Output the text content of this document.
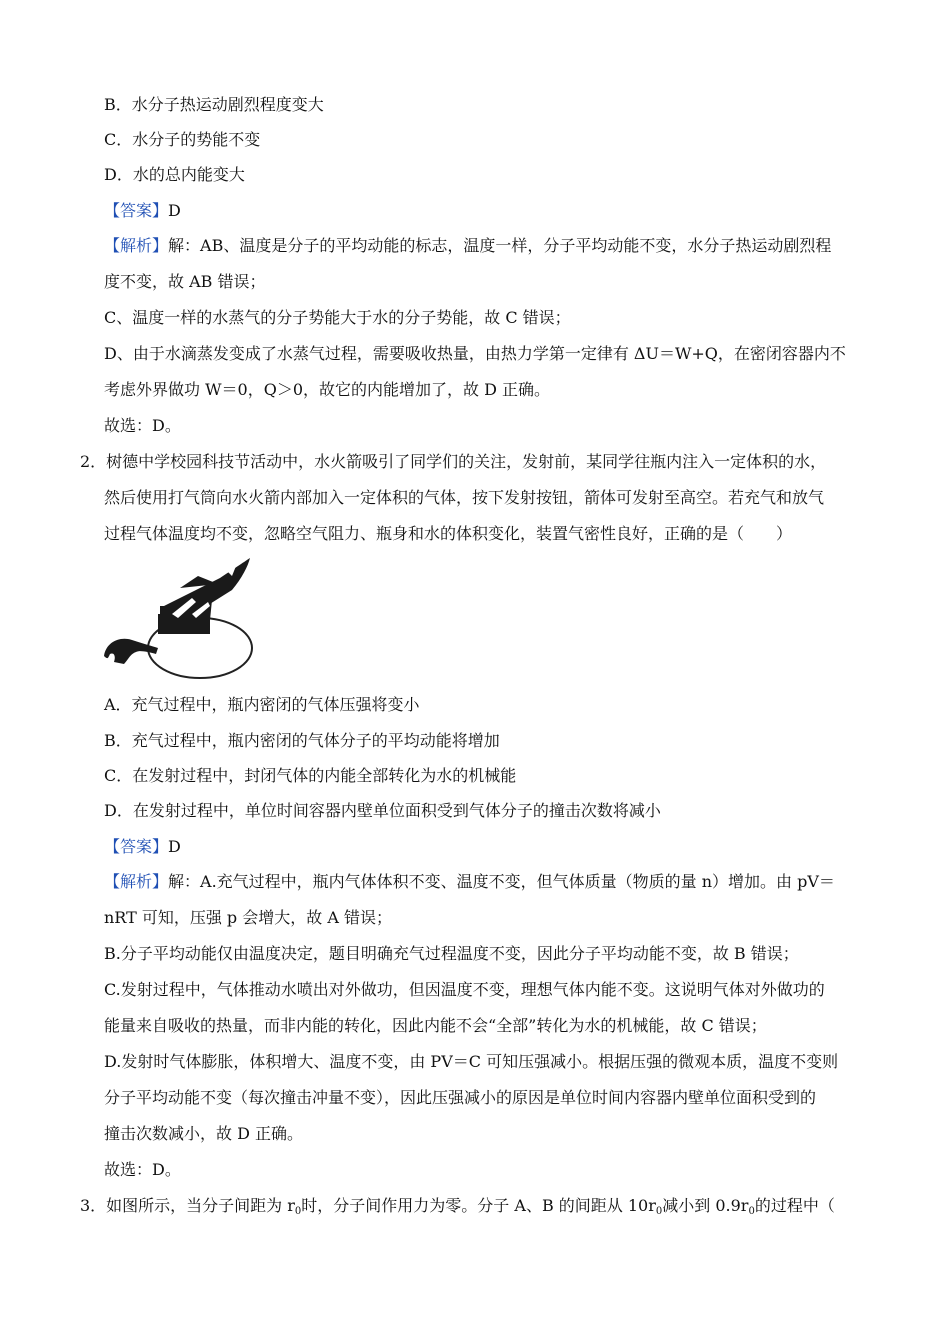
B．水分子热运动剧烈程度变大
C．水分子的势能不变
D．水的总内能变大
【答案】D
【解析】解：AB、温度是分子的平均动能的标志，温度一样，分子平均动能不变，水分子热运动剧烈程
度不变，故 AB 错误；
C、温度一样的水蒸气的分子势能大于水的分子势能，故 C 错误；
D、由于水滴蒸发变成了水蒸气过程，需要吸收热量，由热力学第一定律有 ΔU＝W+Q，在密闭容器内不
考虑外界做功 W＝0，Q＞0，故它的内能增加了，故 D 正确。
故选：D。
2．树德中学校园科技节活动中，水火箭吸引了同学们的关注，发射前，某同学往瓶内注入一定体积的水，
然后使用打气筒向水火箭内部加入一定体积的气体，按下发射按钮，箭体可发射至高空。若充气和放气
过程气体温度均不变，忽略空气阻力、瓶身和水的体积变化，装置气密性良好，正确的是（　　）
A．充气过程中，瓶内密闭的气体压强将变小
B．充气过程中，瓶内密闭的气体分子的平均动能将增加
C．在发射过程中，封闭气体的内能全部转化为水的机械能
D．在发射过程中，单位时间容器内壁单位面积受到气体分子的撞击次数将减小
【答案】D
【解析】解：A.充气过程中，瓶内气体体积不变、温度不变，但气体质量（物质的量 n）增加。由 pV＝
nRT 可知，压强 p 会增大，故 A 错误；
B.分子平均动能仅由温度决定，题目明确充气过程温度不变，因此分子平均动能不变，故 B 错误；
C.发射过程中，气体推动水喷出对外做功，但因温度不变，理想气体内能不变。这说明气体对外做功的
能量来自吸收的热量，而非内能的转化，因此内能不会“全部”转化为水的机械能，故 C 错误；
D.发射时气体膨胀，体积增大、温度不变，由 PV＝C 可知压强减小。根据压强的微观本质，温度不变则
分子平均动能不变（每次撞击冲量不变），因此压强减小的原因是单位时间内容器内壁单位面积受到的
撞击次数减小，故 D 正确。
故选：D。
3．如图所示，当分子间距为 $r_0$时，分子间作用力为零。分子 A、B 的间距从 $10r_0$减小到 $0.9r_0$的过程中（
